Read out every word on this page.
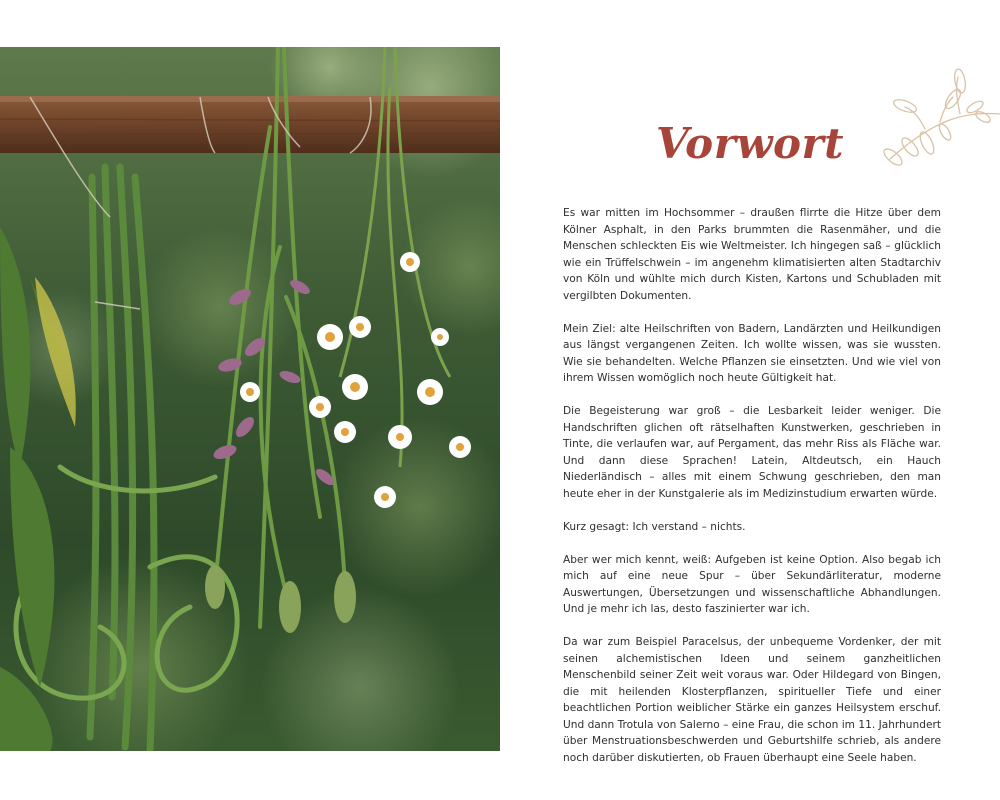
Vorwort

Es war mitten im Hochsommer – draußen flirrte die Hitze über dem Kölner Asphalt, in den Parks brummten die Rasenmäher, und die Menschen schleckten Eis wie Weltmeister. Ich hingegen saß – glücklich wie ein Trüffelschwein – im angenehm klimatisierten alten Stadtarchiv von Köln und wühlte mich durch Kisten, Kartons und Schubladen mit vergilbten Dokumenten.

Mein Ziel: alte Heilschriften von Badern, Landärzten und Heilkundigen aus längst vergangenen Zeiten. Ich wollte wissen, was sie wussten. Wie sie behandelten. Welche Pflanzen sie einsetzten. Und wie viel von ihrem Wissen womöglich noch heute Gültigkeit hat.

Die Begeisterung war groß – die Lesbarkeit leider weniger. Die Handschriften glichen oft rätselhaften Kunstwerken, geschrieben in Tinte, die verlaufen war, auf Pergament, das mehr Riss als Fläche war. Und dann diese Sprachen! Latein, Altdeutsch, ein Hauch Niederländisch – alles mit einem Schwung geschrieben, den man heute eher in der Kunstgalerie als im Medizinstudium erwarten würde.

Kurz gesagt: Ich verstand – nichts.

Aber wer mich kennt, weiß: Aufgeben ist keine Option. Also begab ich mich auf eine neue Spur – über Sekundärliteratur, moderne Auswertungen, Übersetzungen und wissenschaftliche Abhandlungen. Und je mehr ich las, desto faszinierter war ich.

Da war zum Beispiel Paracelsus, der unbequeme Vordenker, der mit seinen alchemistischen Ideen und seinem ganzheitlichen Menschenbild seiner Zeit weit voraus war. Oder Hildegard von Bingen, die mit heilenden Klosterpflanzen, spiritueller Tiefe und einer beachtlichen Portion weiblicher Stärke ein ganzes Heilsystem erschuf. Und dann Trotula von Salerno – eine Frau, die schon im 11. Jahrhundert über Menstruationsbeschwerden und Geburtshilfe schrieb, als andere noch darüber diskutierten, ob Frauen überhaupt eine Seele haben.
